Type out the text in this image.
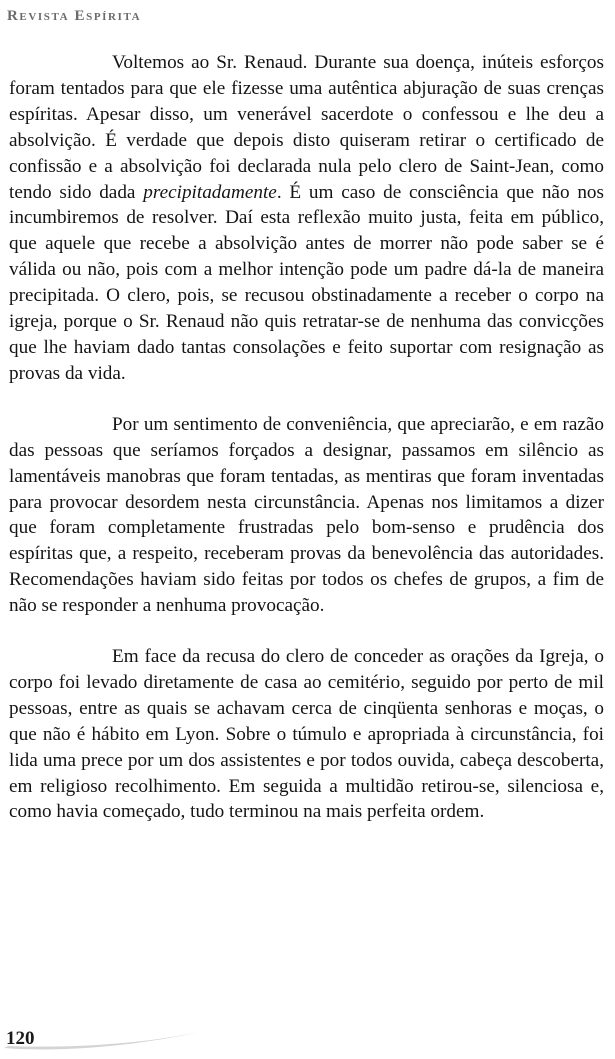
Revista Espírita

Voltemos ao Sr. Renaud. Durante sua doença, inúteis esforços foram tentados para que ele fizesse uma autêntica abjuração de suas crenças espíritas. Apesar disso, um venerável sacerdote o confessou e lhe deu a absolvição. É verdade que depois disto quiseram retirar o certificado de confissão e a absolvição foi declarada nula pelo clero de Saint-Jean, como tendo sido dada precipitadamente. É um caso de consciência que não nos incumbiremos de resolver. Daí esta reflexão muito justa, feita em público, que aquele que recebe a absolvição antes de morrer não pode saber se é válida ou não, pois com a melhor intenção pode um padre dá-la de maneira precipitada. O clero, pois, se recusou obstinadamente a receber o corpo na igreja, porque o Sr. Renaud não quis retratar-se de nenhuma das convicções que lhe haviam dado tantas consolações e feito suportar com resignação as provas da vida.

Por um sentimento de conveniência, que apreciarão, e em razão das pessoas que seríamos forçados a designar, passamos em silêncio as lamentáveis manobras que foram tentadas, as mentiras que foram inventadas para provocar desordem nesta circunstância. Apenas nos limitamos a dizer que foram completamente frustradas pelo bom-senso e prudência dos espíritas que, a respeito, receberam provas da benevolência das autoridades. Recomendações haviam sido feitas por todos os chefes de grupos, a fim de não se responder a nenhuma provocação.

Em face da recusa do clero de conceder as orações da Igreja, o corpo foi levado diretamente de casa ao cemitério, seguido por perto de mil pessoas, entre as quais se achavam cerca de cinqüenta senhoras e moças, o que não é hábito em Lyon. Sobre o túmulo e apropriada à circunstância, foi lida uma prece por um dos assistentes e por todos ouvida, cabeça descoberta, em religioso recolhimento. Em seguida a multidão retirou-se, silenciosa e, como havia começado, tudo terminou na mais perfeita ordem.

120
